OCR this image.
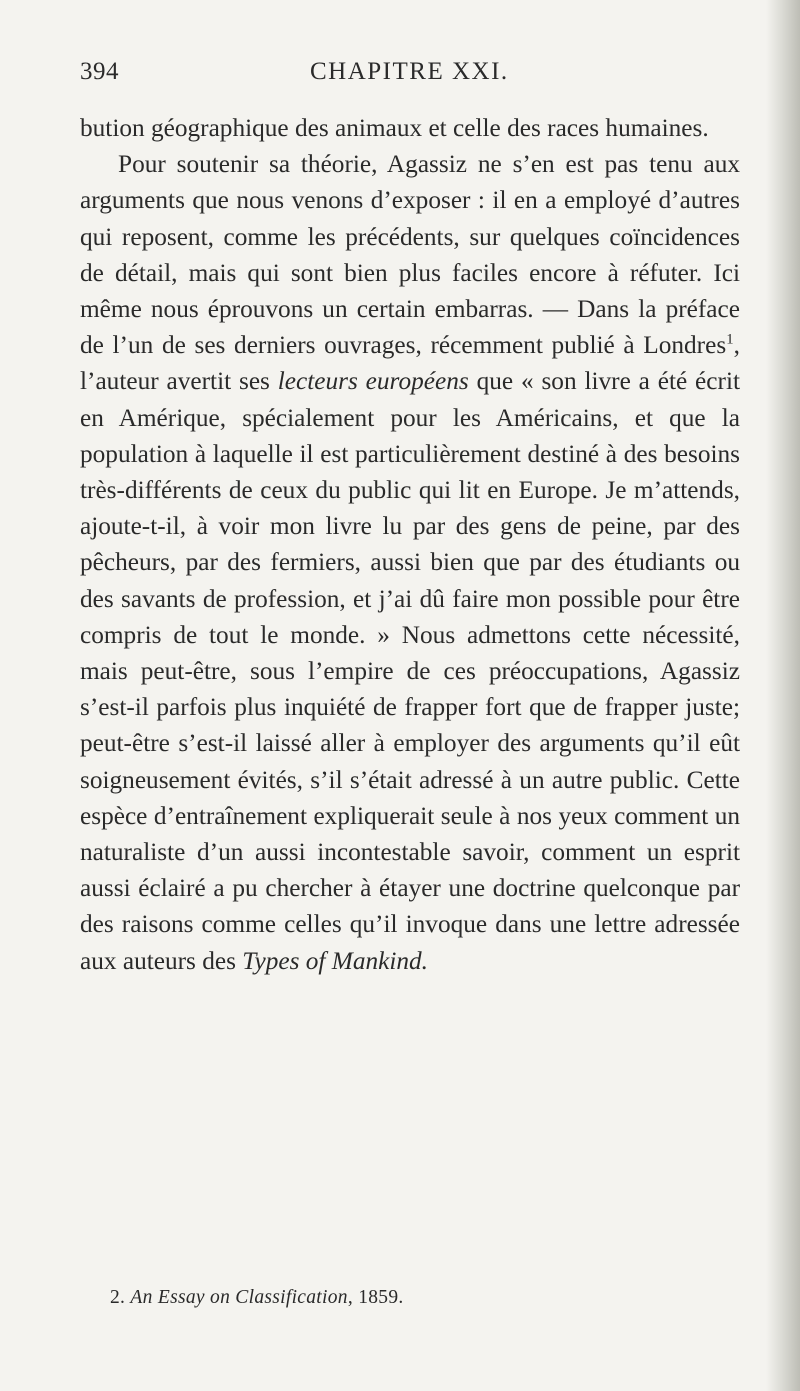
394	CHAPITRE XXI.

bution géographique des animaux et celle des races humaines.

Pour soutenir sa théorie, Agassiz ne s’en est pas tenu aux arguments que nous venons d’exposer : il en a employé d’autres qui reposent, comme les précédents, sur quelques coïncidences de détail, mais qui sont bien plus faciles encore à réfuter. Ici même nous éprouvons un certain embarras. — Dans la préface de l’un de ses derniers ouvrages, récemment publié à Londres$^1$, l’auteur avertit ses lecteurs européens que « son livre a été écrit en Amérique, spécialement pour les Américains, et que la population à laquelle il est particulièrement destiné à des besoins très-différents de ceux du public qui lit en Europe. Je m’attends, ajoute-t-il, à voir mon livre lu par des gens de peine, par des pêcheurs, par des fermiers, aussi bien que par des étudiants ou des savants de profession, et j’ai dû faire mon possible pour être compris de tout le monde. » Nous admettons cette nécessité, mais peut-être, sous l’empire de ces préoccupations, Agassiz s’est-il parfois plus inquiété de frapper fort que de frapper juste; peut-être s’est-il laissé aller à employer des arguments qu’il eût soigneusement évités, s’il s’était adressé à un autre public. Cette espèce d’entraînement expliquerait seule à nos yeux comment un naturaliste d’un aussi incontestable savoir, comment un esprit aussi éclairé a pu chercher à étayer une doctrine quelconque par des raisons comme celles qu’il invoque dans une lettre adressée aux auteurs des Types of Mankind.

2. An Essay on Classification, 1859.
